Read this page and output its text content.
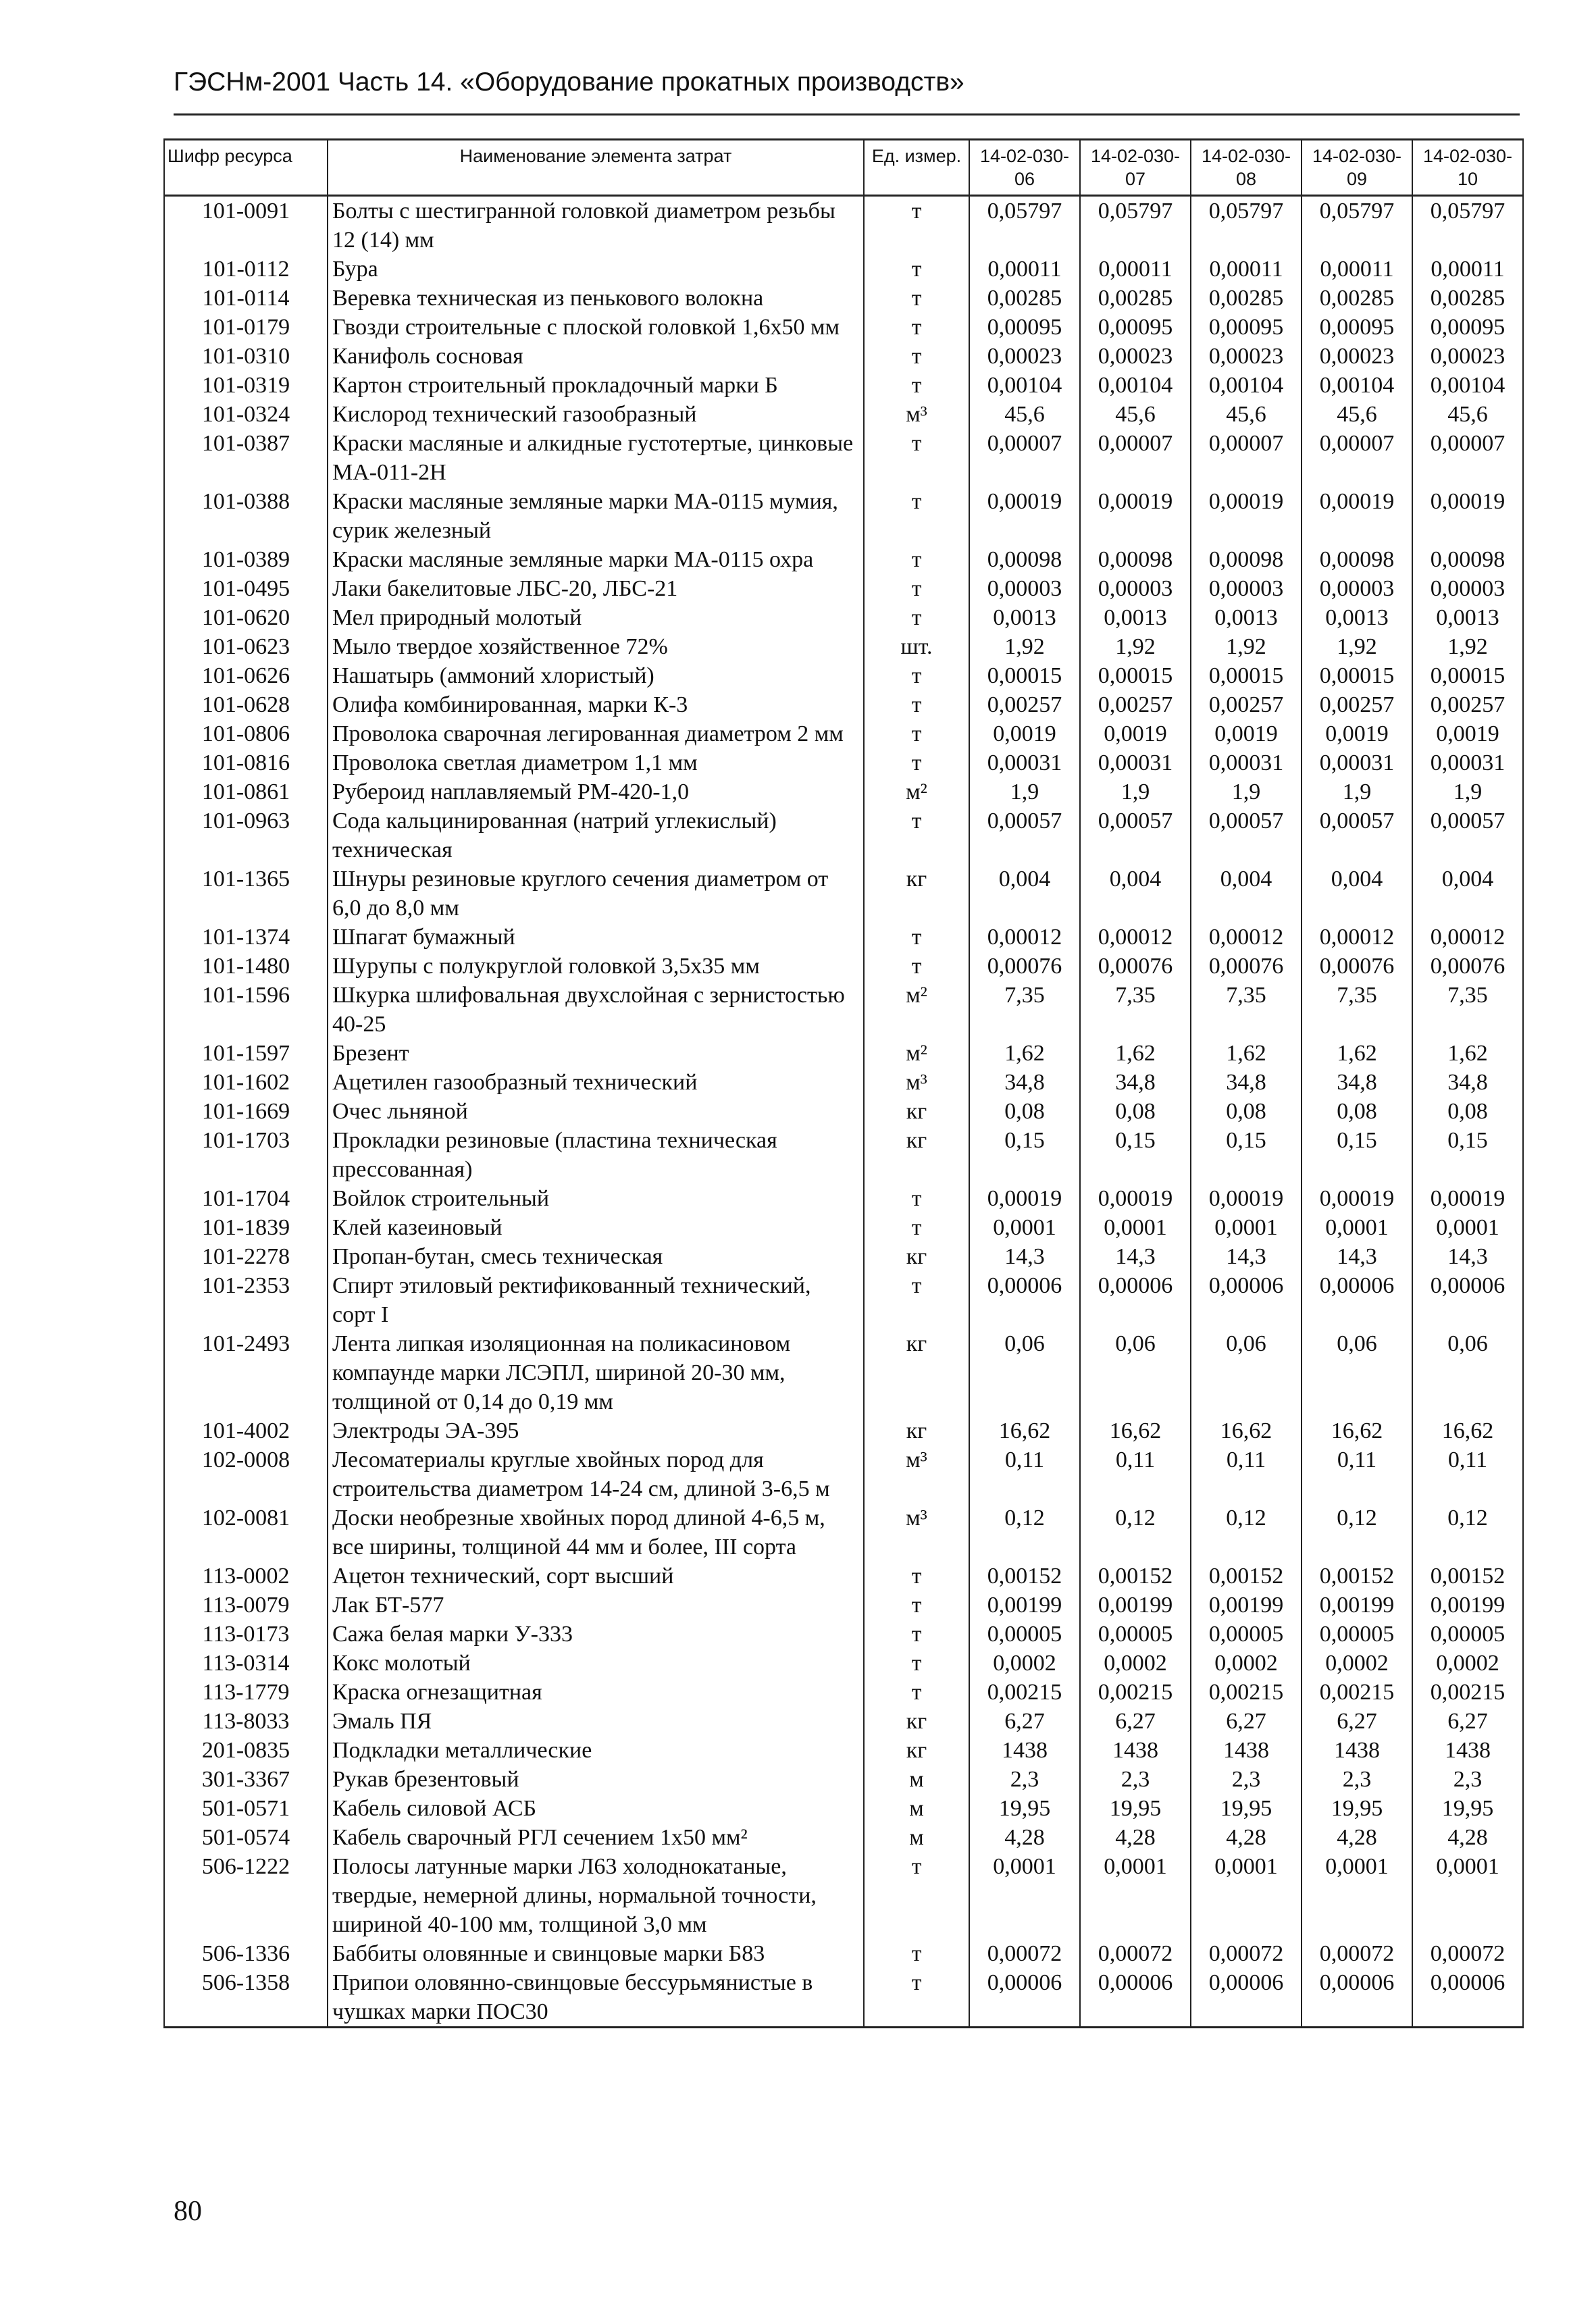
ГЭСНм-2001 Часть 14. «Оборудование прокатных производств»
Шифр ресурса	Наименование элемента затрат	Ед. измер.	14-02-030-06	14-02-030-07	14-02-030-08	14-02-030-09	14-02-030-10
101-0091	Болты с шестигранной головкой диаметром резьбы 12 (14) мм	т	0,05797	0,05797	0,05797	0,05797	0,05797
101-0112	Бура	т	0,00011	0,00011	0,00011	0,00011	0,00011
101-0114	Веревка техническая из пенькового волокна	т	0,00285	0,00285	0,00285	0,00285	0,00285
101-0179	Гвозди строительные с плоской головкой 1,6х50 мм	т	0,00095	0,00095	0,00095	0,00095	0,00095
101-0310	Канифоль сосновая	т	0,00023	0,00023	0,00023	0,00023	0,00023
101-0319	Картон строительный прокладочный марки Б	т	0,00104	0,00104	0,00104	0,00104	0,00104
101-0324	Кислород технический газообразный	м³	45,6	45,6	45,6	45,6	45,6
101-0387	Краски масляные и алкидные густотертые, цинковые МА-011-2Н	т	0,00007	0,00007	0,00007	0,00007	0,00007
101-0388	Краски масляные земляные марки МА-0115 мумия, сурик железный	т	0,00019	0,00019	0,00019	0,00019	0,00019
101-0389	Краски масляные земляные марки МА-0115 охра	т	0,00098	0,00098	0,00098	0,00098	0,00098
101-0495	Лаки бакелитовые ЛБС-20, ЛБС-21	т	0,00003	0,00003	0,00003	0,00003	0,00003
101-0620	Мел природный молотый	т	0,0013	0,0013	0,0013	0,0013	0,0013
101-0623	Мыло твердое хозяйственное 72%	шт.	1,92	1,92	1,92	1,92	1,92
101-0626	Нашатырь (аммоний хлористый)	т	0,00015	0,00015	0,00015	0,00015	0,00015
101-0628	Олифа комбинированная, марки К-3	т	0,00257	0,00257	0,00257	0,00257	0,00257
101-0806	Проволока сварочная легированная диаметром 2 мм	т	0,0019	0,0019	0,0019	0,0019	0,0019
101-0816	Проволока светлая диаметром 1,1 мм	т	0,00031	0,00031	0,00031	0,00031	0,00031
101-0861	Рубероид наплавляемый РМ-420-1,0	м²	1,9	1,9	1,9	1,9	1,9
101-0963	Сода кальцинированная (натрий углекислый) техническая	т	0,00057	0,00057	0,00057	0,00057	0,00057
101-1365	Шнуры резиновые круглого сечения диаметром от 6,0 до 8,0 мм	кг	0,004	0,004	0,004	0,004	0,004
101-1374	Шпагат бумажный	т	0,00012	0,00012	0,00012	0,00012	0,00012
101-1480	Шурупы с полукруглой головкой 3,5х35 мм	т	0,00076	0,00076	0,00076	0,00076	0,00076
101-1596	Шкурка шлифовальная двухслойная с зернистостью 40-25	м²	7,35	7,35	7,35	7,35	7,35
101-1597	Брезент	м²	1,62	1,62	1,62	1,62	1,62
101-1602	Ацетилен газообразный технический	м³	34,8	34,8	34,8	34,8	34,8
101-1669	Очес льняной	кг	0,08	0,08	0,08	0,08	0,08
101-1703	Прокладки резиновые (пластина техническая прессованная)	кг	0,15	0,15	0,15	0,15	0,15
101-1704	Войлок строительный	т	0,00019	0,00019	0,00019	0,00019	0,00019
101-1839	Клей казеиновый	т	0,0001	0,0001	0,0001	0,0001	0,0001
101-2278	Пропан-бутан, смесь техническая	кг	14,3	14,3	14,3	14,3	14,3
101-2353	Спирт этиловый ректификованный технический, сорт I	т	0,00006	0,00006	0,00006	0,00006	0,00006
101-2493	Лента липкая изоляционная на поликасиновом компаунде марки ЛСЭПЛ, шириной 20-30 мм, толщиной от 0,14 до 0,19 мм	кг	0,06	0,06	0,06	0,06	0,06
101-4002	Электроды ЭА-395	кг	16,62	16,62	16,62	16,62	16,62
102-0008	Лесоматериалы круглые хвойных пород для строительства диаметром 14-24 см, длиной 3-6,5 м	м³	0,11	0,11	0,11	0,11	0,11
102-0081	Доски необрезные хвойных пород длиной 4-6,5 м, все ширины, толщиной 44 мм и более, III сорта	м³	0,12	0,12	0,12	0,12	0,12
113-0002	Ацетон технический, сорт высший	т	0,00152	0,00152	0,00152	0,00152	0,00152
113-0079	Лак БТ-577	т	0,00199	0,00199	0,00199	0,00199	0,00199
113-0173	Сажа белая марки У-333	т	0,00005	0,00005	0,00005	0,00005	0,00005
113-0314	Кокс молотый	т	0,0002	0,0002	0,0002	0,0002	0,0002
113-1779	Краска огнезащитная	т	0,00215	0,00215	0,00215	0,00215	0,00215
113-8033	Эмаль ПЯ	кг	6,27	6,27	6,27	6,27	6,27
201-0835	Подкладки металлические	кг	1438	1438	1438	1438	1438
301-3367	Рукав брезентовый	м	2,3	2,3	2,3	2,3	2,3
501-0571	Кабель силовой АСБ	м	19,95	19,95	19,95	19,95	19,95
501-0574	Кабель сварочный РГЛ сечением 1х50 мм²	м	4,28	4,28	4,28	4,28	4,28
506-1222	Полосы латунные марки Л63 холоднокатаные, твердые, немерной длины, нормальной точности, шириной 40-100 мм, толщиной 3,0 мм	т	0,0001	0,0001	0,0001	0,0001	0,0001
506-1336	Баббиты оловянные и свинцовые марки Б83	т	0,00072	0,00072	0,00072	0,00072	0,00072
506-1358	Припои оловянно-свинцовые бессурьмянистые в чушках марки ПОС30	т	0,00006	0,00006	0,00006	0,00006	0,00006
80
